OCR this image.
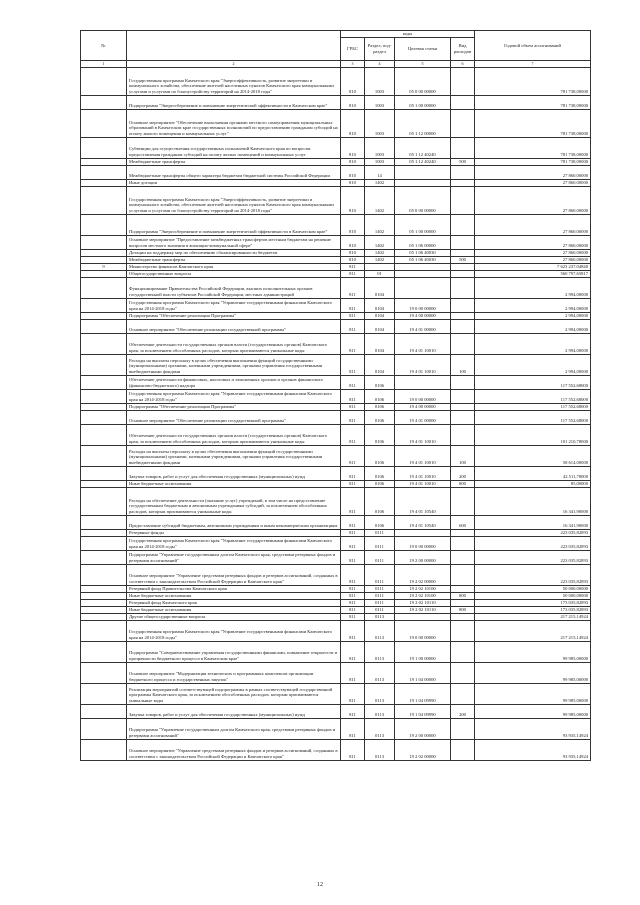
№		коды				Годовой объем ассигнований
		ГРБС	Раздел, под-раздел	Целевая статья	Вид расходов	
1	2	3	4	5	6	7
	Государственная программа Камчатского края "Энергоэффективность, развитие энергетики и коммунального хозяйства, обеспечение жителей населенных пунктов Камчатского края коммунальными услугами и услугами по благоустройству территорий на 2014-2018 годы"	810	1003	05 0 00 00000		781 738,00000
	Подпрограмма "Энергосбережение и повышение энергетической эффективности в Камчатском крае"	810	1003	05 1 00 00000		781 738,00000
	Основное мероприятие "Обеспечение выполнения органами местного самоуправления муниципальных образований в Камчатском крае государственных полномочий по предоставлению гражданам субсидий на оплату жилого помещения и коммунальных услуг"	810	1003	05 1 12 00000		781 738,00000
	Субвенции для осуществления государственных полномочий Камчатского края по вопросам предоставления гражданам субсидий на оплату жилых помещений и коммунальных услуг	810	1003	05 1 12 40240		781 738,00000
	Межбюджетные трансферты	810	1003	05 1 12 40240	500	781 738,00000
	Межбюджетные трансферты общего характера бюджетам бюджетной системы Российской Федерации	810	14			27 860,00000
	Иные дотации	810	1402			27 860,00000
	Государственная программа Камчатского края "Энергоэффективность, развитие энергетики и коммунального хозяйства, обеспечение жителей населенных пунктов Камчатского края коммунальными услугами и услугами по благоустройству территорий на 2014-2018 годы"	810	1402	05 0 00 00000		27 860,00000
	Подпрограмма "Энергосбережение и повышение энергетической эффективности в Камчатском крае"	810	1402	05 1 00 00000		27 860,00000
	Основное мероприятие "Предоставление межбюджетных трансфертов местным бюджетам на решение вопросов местного значения в жилищно-коммунальной сфере"	810	1402	05 1 06 00000		27 860,00000
	Дотации на поддержку мер по обеспечению сбалансированности бюджетов	810	1402	05 1 06 40030		27 860,00000
	Межбюджетные трансферты	810	1402	05 1 06 40030	500	27 860,00000
9	Министерство финансов Камчатского края	811				7 623 237,04840
	Общегосударственные вопросы	811	01			560 797,65817
	Функционирование Правительства Российской Федерации, высших исполнительных органов государственной власти субъектов Российской Федерации, местных администраций	811	0104			2 994,00000
	Государственная программа Камчатского края "Управление государственными финансами Камчатского края на 2014-2018 годы"	811	0104	19 0 00 00000		2 994,00000
	Подпрограмма "Обеспечение реализации Программы"	811	0104	19 4 00 00000		2 994,00000
	Основное мероприятие "Обеспечение реализации государственной программы"	811	0104	19 4 01 00000		2 994,00000
	Обеспечение деятельности государственных органов власти (государственных органов) Камчатского края, за исключением обособленных расходов, которым присваиваются уникальные коды	811	0104	19 4 01 10010		2 994,00000
	Расходы на выплаты персоналу в целях обеспечения выполнения функций государственными (муниципальными) органами, казенными учреждениями, органами управления государственными внебюджетными фондами	811	0104	19 4 01 10010	100	2 994,00000
	Обеспечение деятельности финансовых, налоговых и таможенных органов и органов финансового (финансово-бюджетного) надзора	811	0106			117 552,68000
	Государственная программа Камчатского края "Управление государственными финансами Камчатского края на 2014-2018 годы"	811	0106	19 0 00 00000		117 552,68000
	Подпрограмма "Обеспечение реализации Программы"	811	0106	19 4 00 00000		117 552,68000
	Основное мероприятие "Обеспечение реализации государственной программы"	811	0106	19 4 01 00000		117 552,68000
	Обеспечение деятельности государственных органов власти (государственных органов) Камчатского края, за исключением обособленных расходов, которым присваиваются уникальные коды	811	0106	19 4 01 10010		101 210,78000
	Расходы на выплаты персоналу в целях обеспечения выполнения функций государственными (муниципальными) органами, казенными учреждениями, органами управления государственными внебюджетными фондами	811	0106	19 4 01 10010	100	58 614,00000
	Закупка товаров, работ и услуг для обеспечения государственных (муниципальных) нужд	811	0106	19 4 01 10010	200	42 511,78000
	Иные бюджетные ассигнования	811	0106	19 4 01 10010	800	85,00000
	Расходы на обеспечение деятельности (оказание услуг) учреждений, в том числе на предоставление государственным бюджетным и автономным учреждениям субсидий, за исключением обособленных расходов, которым присваиваются уникальные коды	811	0106	19 4 01 10540		16 341,90000
	Предоставление субсидий бюджетным, автономным учреждениям и иным некоммерческим организациям	811	0106	19 4 01 10540	600	16 341,90000
	Резервные фонды	811	0111			223 035,82893
	Государственная программа Камчатского края "Управление государственными финансами Камчатского края на 2014-2018 годы"	811	0111	19 0 00 00000		223 035,82893
	Подпрограмма "Управление государственным долгом Камчатского края, средствами резервных фондов и резервами ассигнований"	811	0111	19 2 00 00000		223 035,82893
	Основное мероприятие "Управление средствами резервных фондов и резервов ассигнований, созданных в соответствии с законодательством Российской Федерации и Камчатского края"	811	0111	19 2 02 00000		223 035,82893
	Резервный фонд Правительства Камчатского края	811	0111	19 2 02 10100		50 000,00000
	Иные бюджетные ассигнования	811	0111	19 2 02 10100	800	50 000,00000
	Резервный фонд Камчатского края	811	0111	19 2 02 10110		173 035,82893
	Иные бюджетные ассигнования	811	0111	19 2 02 10110	800	173 035,82893
	Другие общегосударственные вопросы	811	0113			217 215,14924
	Государственная программа Камчатского края "Управление государственными финансами Камчатского края на 2014-2018 годы"	811	0113	19 0 00 00000		217 215,14924
	Подпрограмма "Совершенствование управления государственными финансами, повышение открытости и прозрачности бюджетного процесса в Камчатском крае"	811	0113	19 1 00 00000		99 985,00000
	Основное мероприятие "Модернизация технических и программных комплексов организации бюджетного процесса и государственных закупок"	811	0113	19 1 04 00000		99 985,00000
	Реализация мероприятий соответствующей подпрограммы в рамках соответствующей государственной программы Камчатского края, за исключением обособленных расходов, которым присваиваются уникальные коды	811	0113	19 1 04 09990		99 985,00000
	Закупка товаров, работ и услуг для обеспечения государственных (муниципальных) нужд	811	0113	19 1 04 09990	200	99 985,00000
	Подпрограмма "Управление государственным долгом Камчатского края, средствами резервных фондов и резервами ассигнований"	811	0113	19 2 00 00000		93 935,14924
	Основное мероприятие "Управление средствами резервных фондов и резервов ассигнований, созданных в соответствии с законодательством Российской Федерации и Камчатского края"	811	0113	19 2 02 00000		93 935,14924
12
